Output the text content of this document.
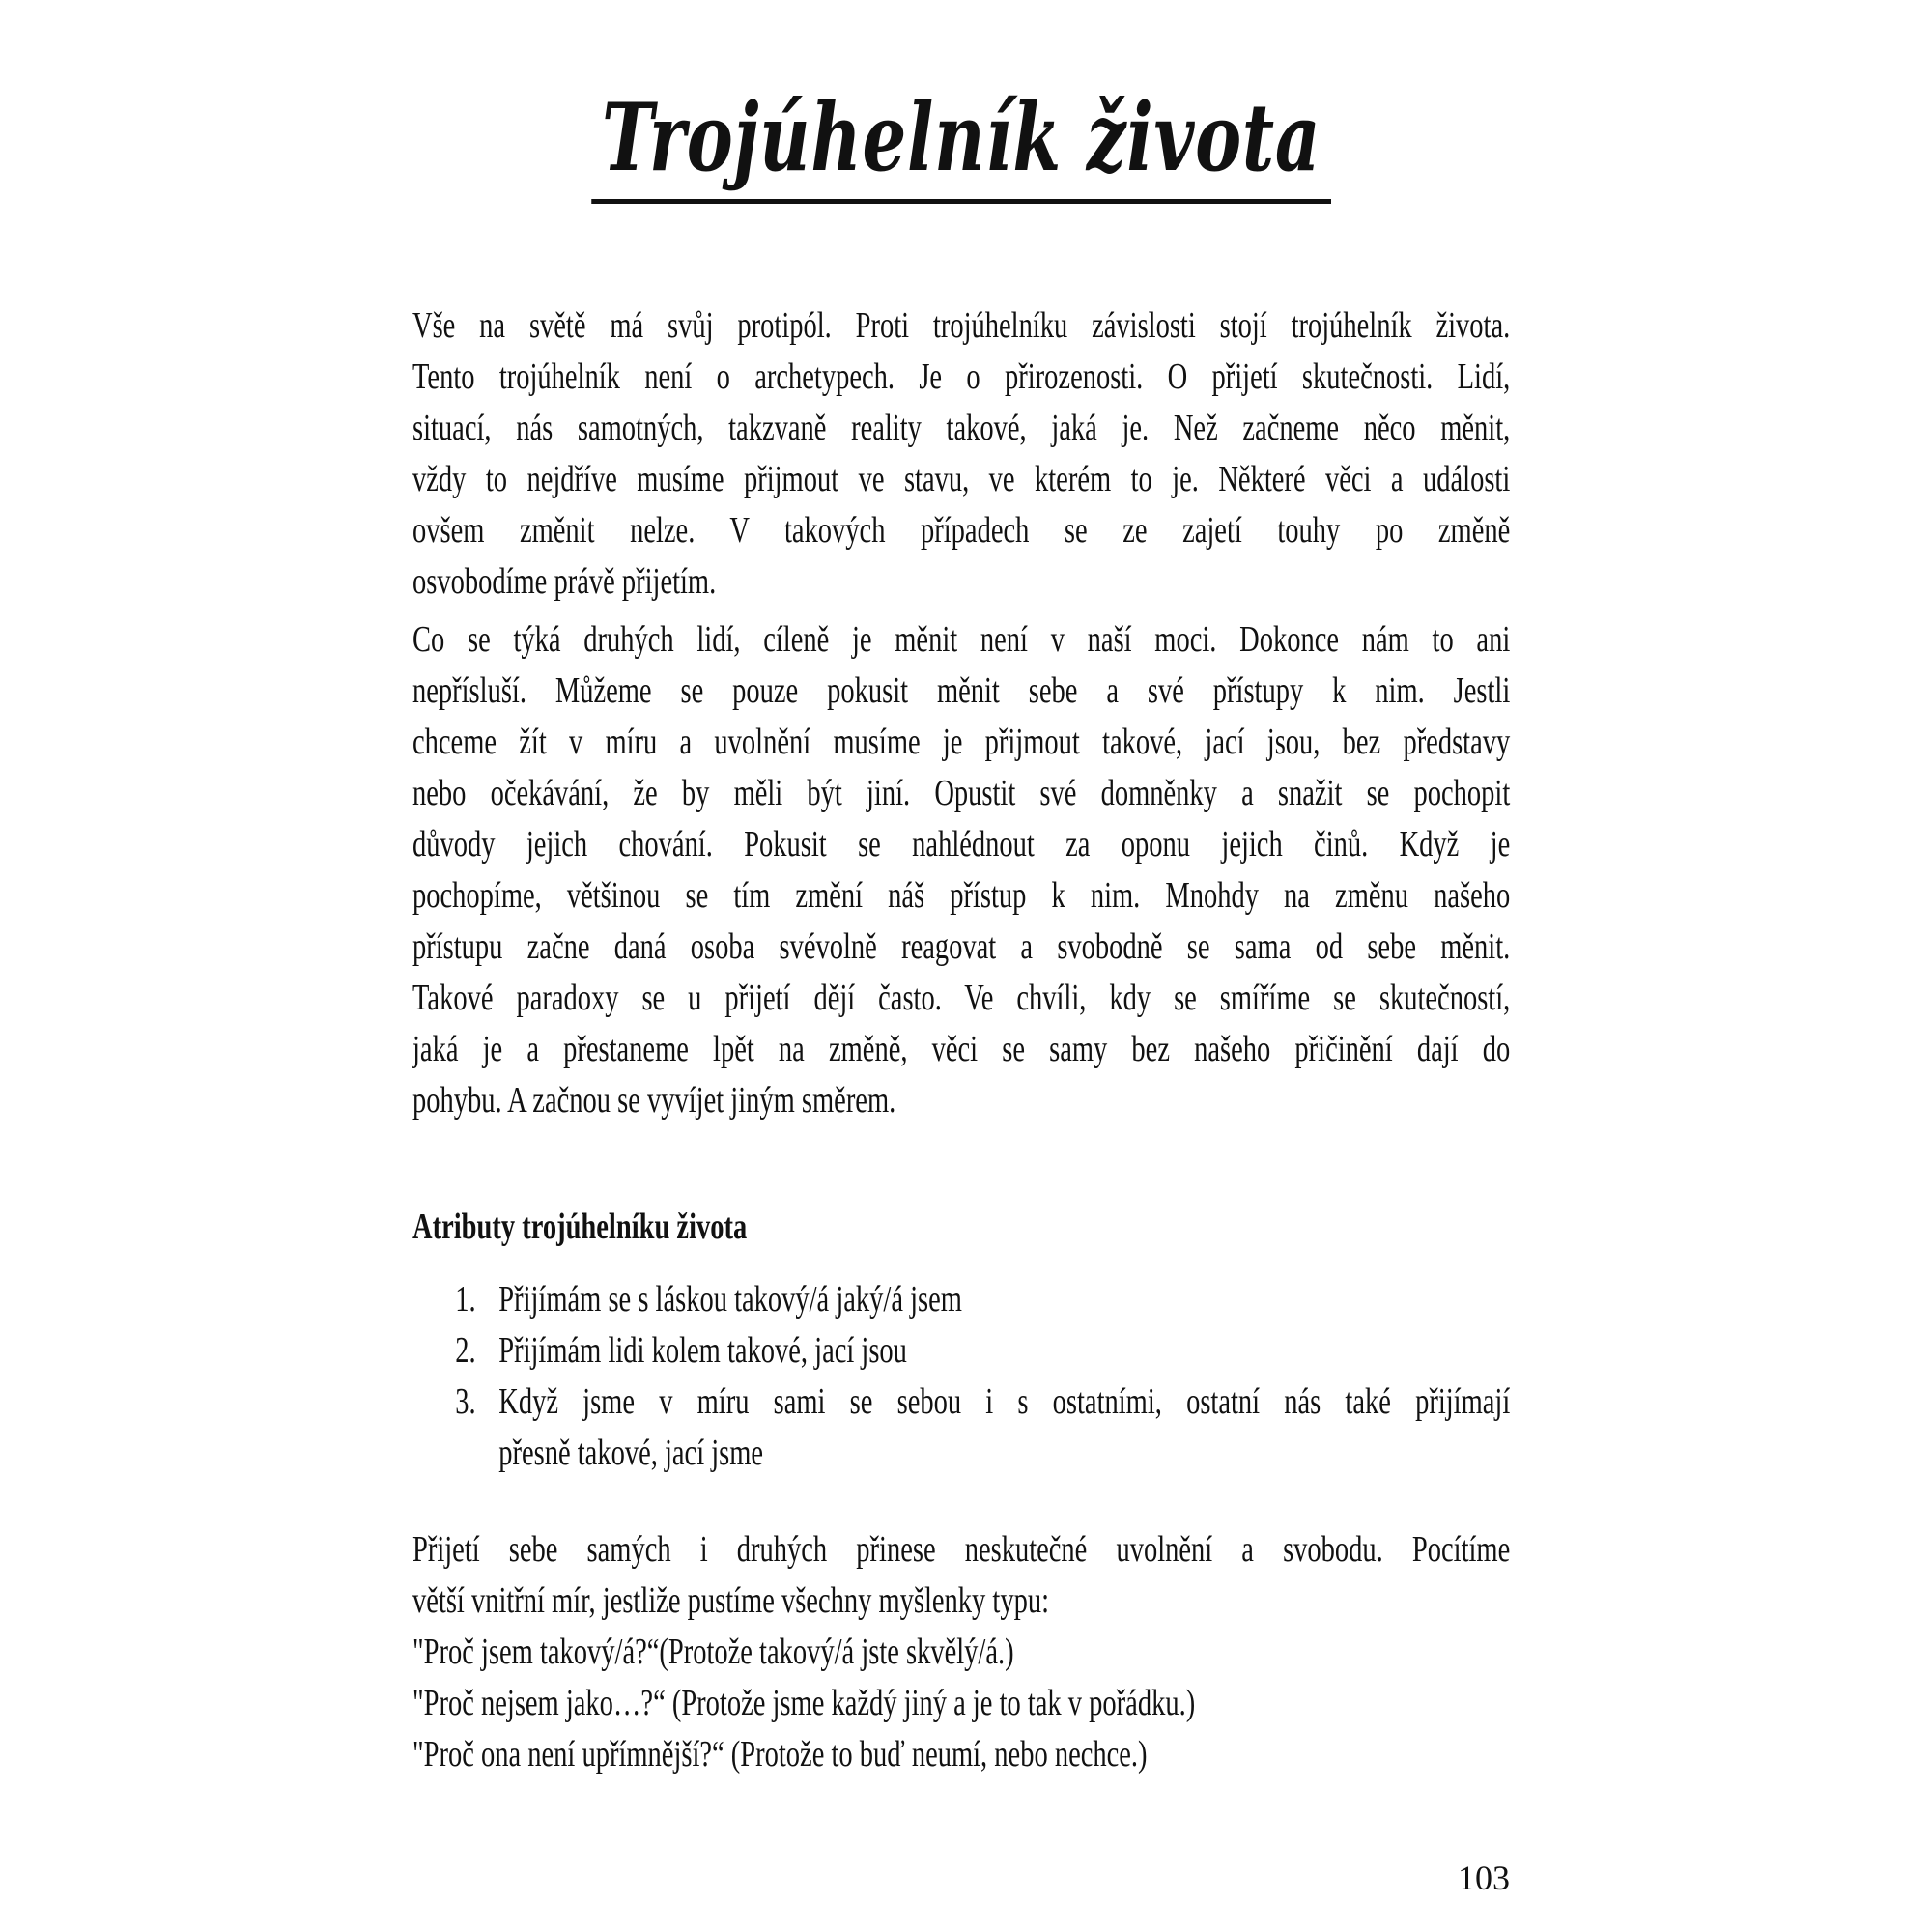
Trojúhelník života
Vše na světě má svůj protipól. Proti trojúhelníku závislosti stojí trojúhelník života.
Tento trojúhelník není o archetypech. Je o přirozenosti. O přijetí skutečnosti. Lidí,
situací, nás samotných, takzvaně reality takové, jaká je. Než začneme něco měnit,
vždy to nejdříve musíme přijmout ve stavu, ve kterém to je. Některé věci a události
ovšem změnit nelze. V takových případech se ze zajetí touhy po změně
osvobodíme právě přijetím.
Co se týká druhých lidí, cíleně je měnit není v naší moci. Dokonce nám to ani
nepřísluší. Můžeme se pouze pokusit měnit sebe a své přístupy k nim. Jestli
chceme žít v míru a uvolnění musíme je přijmout takové, jací jsou, bez představy
nebo očekávání, že by měli být jiní. Opustit své domněnky a snažit se pochopit
důvody jejich chování. Pokusit se nahlédnout za oponu jejich činů. Když je
pochopíme, většinou se tím změní náš přístup k nim. Mnohdy na změnu našeho
přístupu začne daná osoba svévolně reagovat a svobodně se sama od sebe měnit.
Takové paradoxy se u přijetí dějí často. Ve chvíli, kdy se smíříme se skutečností,
jaká je a přestaneme lpět na změně, věci se samy bez našeho přičinění dají do
pohybu. A začnou se vyvíjet jiným směrem.
Atributy trojúhelníku života
1. Přijímám se s láskou takový/á jaký/á jsem
2. Přijímám lidi kolem takové, jací jsou
3. Když jsme v míru sami se sebou i s ostatními, ostatní nás také přijímají
přesně takové, jací jsme
Přijetí sebe samých i druhých přinese neskutečné uvolnění a svobodu. Pocítíme
větší vnitřní mír, jestliže pustíme všechny myšlenky typu:
"Proč jsem takový/á?“(Protože takový/á jste skvělý/á.)
"Proč nejsem jako…?“ (Protože jsme každý jiný a je to tak v pořádku.)
"Proč ona není upřímnější?“ (Protože to buď neumí, nebo nechce.)
103
